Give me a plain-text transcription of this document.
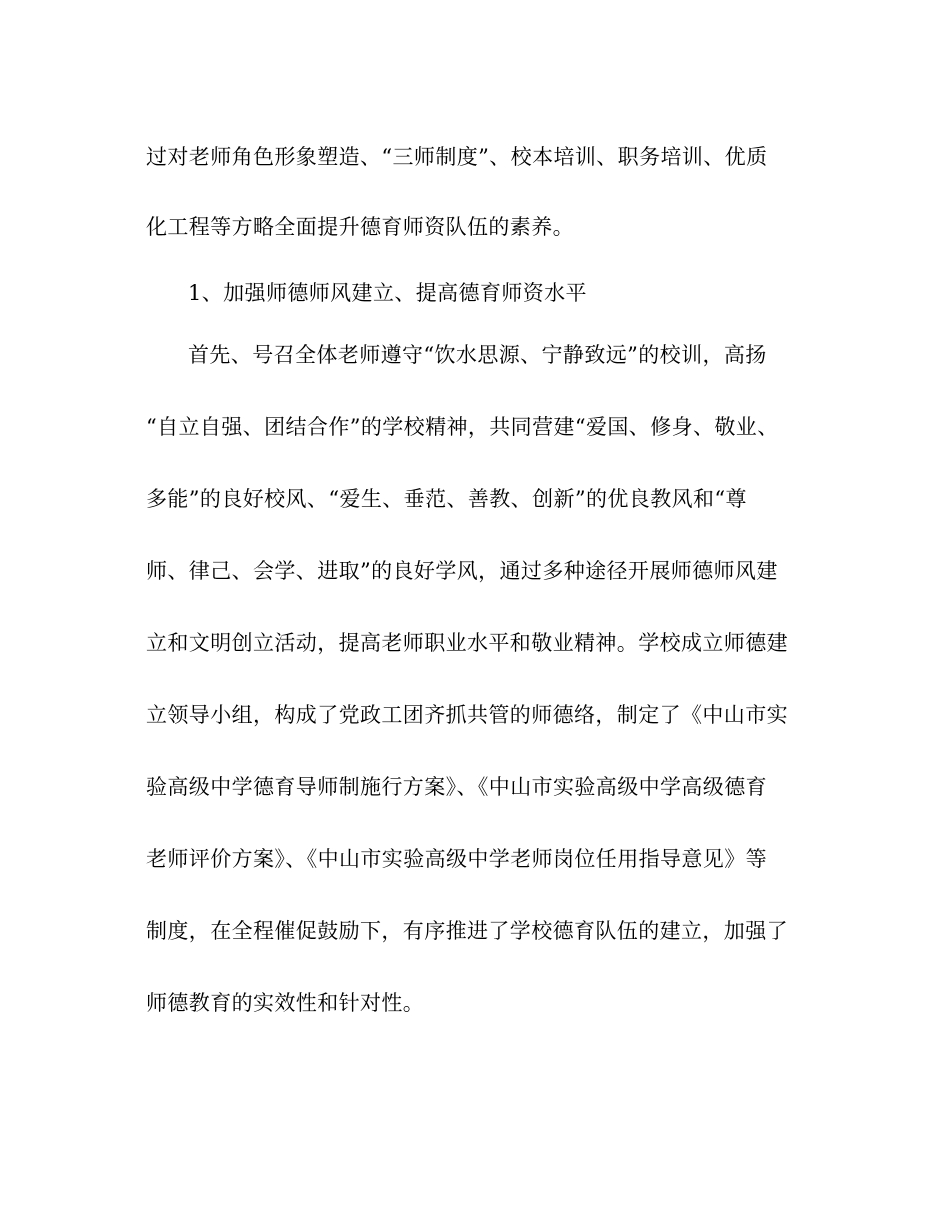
过对老师角色形象塑造、“三师制度”、校本培训、职务培训、优质
化工程等方略全面提升德育师资队伍的素养。
1、加强师德师风建立、提高德育师资水平
首先、号召全体老师遵守“饮水思源、宁静致远”的校训，高扬
“自立自强、团结合作”的学校精神，共同营建“爱国、修身、敬业、
多能”的良好校风、“爱生、垂范、善教、创新”的优良教风和“尊
师、律己、会学、进取”的良好学风，通过多种途径开展师德师风建
立和文明创立活动，提高老师职业水平和敬业精神。学校成立师德建
立领导小组，构成了党政工团齐抓共管的师德络，制定了《中山市实
验高级中学德育导师制施行方案》、《中山市实验高级中学高级德育
老师评价方案》、《中山市实验高级中学老师岗位任用指导意见》等
制度，在全程催促鼓励下，有序推进了学校德育队伍的建立，加强了
师德教育的实效性和针对性。
